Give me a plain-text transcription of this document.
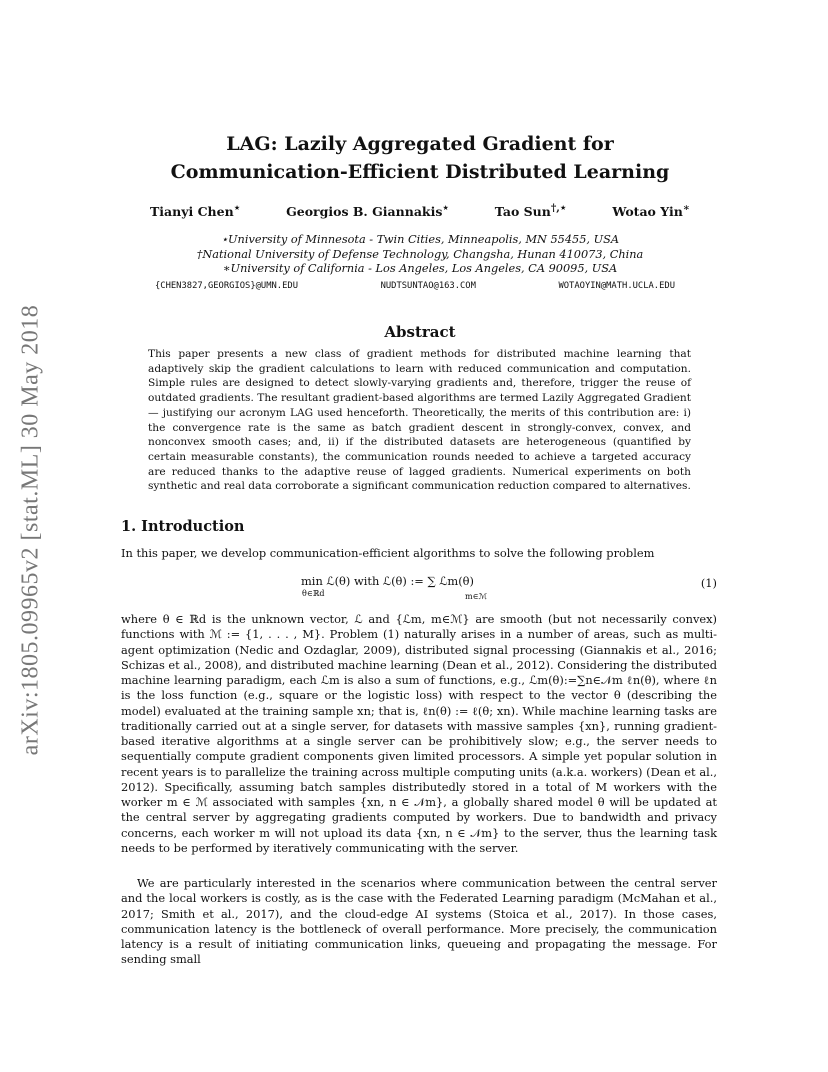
arXiv:1805.09965v2 [stat.ML] 30 May 2018
LAG: Lazily Aggregated Gradient for
Communication-Efficient Distributed Learning
Tianyi Chen⋆	Georgios B. Giannakis⋆	Tao Sun†,⋆	Wotao Yin∗
⋆University of Minnesota - Twin Cities, Minneapolis, MN 55455, USA
†National University of Defense Technology, Changsha, Hunan 410073, China
∗University of California - Los Angeles, Los Angeles, CA 90095, USA
{CHEN3827,GEORGIOS}@UMN.EDU	NUDTSUNTAO@163.COM	WOTAOYIN@MATH.UCLA.EDU
Abstract
This paper presents a new class of gradient methods for distributed machine learning that adaptively skip the gradient calculations to learn with reduced communication and computation. Simple rules are designed to detect slowly-varying gradients and, therefore, trigger the reuse of outdated gradients. The resultant gradient-based algorithms are termed Lazily Aggregated Gradient — justifying our acronym LAG used henceforth. Theoretically, the merits of this contribution are: i) the convergence rate is the same as batch gradient descent in strongly-convex, convex, and nonconvex smooth cases; and, ii) if the distributed datasets are heterogeneous (quantified by certain measurable constants), the communication rounds needed to achieve a targeted accuracy are reduced thanks to the adaptive reuse of lagged gradients. Numerical experiments on both synthetic and real data corroborate a significant communication reduction compared to alternatives.
1. Introduction
In this paper, we develop communication-efficient algorithms to solve the following problem
min ℒ(θ) with ℒ(θ) := ∑ ℒm(θ)
θ∈ℝd	m∈ℳ
(1)
where θ ∈ ℝd is the unknown vector, ℒ and {ℒm, m∈ℳ} are smooth (but not necessarily convex) functions with ℳ := {1, . . . , M}. Problem (1) naturally arises in a number of areas, such as multi-agent optimization (Nedic and Ozdaglar, 2009), distributed signal processing (Giannakis et al., 2016; Schizas et al., 2008), and distributed machine learning (Dean et al., 2012). Considering the distributed machine learning paradigm, each ℒm is also a sum of functions, e.g., ℒm(θ):=∑n∈𝒩m ℓn(θ), where ℓn is the loss function (e.g., square or the logistic loss) with respect to the vector θ (describing the model) evaluated at the training sample xn; that is, ℓn(θ) := ℓ(θ; xn). While machine learning tasks are traditionally carried out at a single server, for datasets with massive samples {xn}, running gradient-based iterative algorithms at a single server can be prohibitively slow; e.g., the server needs to sequentially compute gradient components given limited processors. A simple yet popular solution in recent years is to parallelize the training across multiple computing units (a.k.a. workers) (Dean et al., 2012). Specifically, assuming batch samples distributedly stored in a total of M workers with the worker m ∈ ℳ associated with samples {xn, n ∈ 𝒩m}, a globally shared model θ will be updated at the central server by aggregating gradients computed by workers. Due to bandwidth and privacy concerns, each worker m will not upload its data {xn, n ∈ 𝒩m} to the server, thus the learning task needs to be performed by iteratively communicating with the server.
We are particularly interested in the scenarios where communication between the central server and the local workers is costly, as is the case with the Federated Learning paradigm (McMahan et al., 2017; Smith et al., 2017), and the cloud-edge AI systems (Stoica et al., 2017). In those cases, communication latency is the bottleneck of overall performance. More precisely, the communication latency is a result of initiating communication links, queueing and propagating the message. For sending small
